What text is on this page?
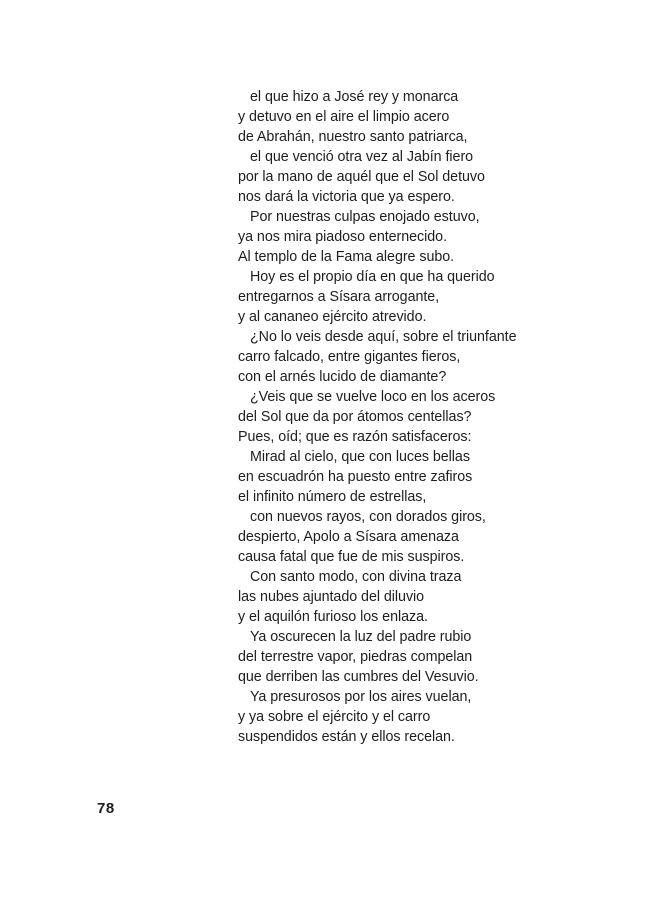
el que hizo a José rey y monarca
y detuvo en el aire el limpio acero
de Abrahán, nuestro santo patriarca,
el que venció otra vez al Jabín fiero
por la mano de aquél que el Sol detuvo
nos dará la victoria que ya espero.
Por nuestras culpas enojado estuvo,
ya nos mira piadoso enternecido.
Al templo de la Fama alegre subo.
Hoy es el propio día en que ha querido
entregarnos a Sísara arrogante,
y al cananeo ejército atrevido.
¿No lo veis desde aquí, sobre el triunfante
carro falcado, entre gigantes fieros,
con el arnés lucido de diamante?
¿Veis que se vuelve loco en los aceros
del Sol que da por átomos centellas?
Pues, oíd; que es razón satisfaceros:
Mirad al cielo, que con luces bellas
en escuadrón ha puesto entre zafiros
el infinito número de estrellas,
con nuevos rayos, con dorados giros,
despierto, Apolo a Sísara amenaza
causa fatal que fue de mis suspiros.
Con santo modo, con divina traza
las nubes ajuntado del diluvio
y el aquilón furioso los enlaza.
Ya oscurecen la luz del padre rubio
del terrestre vapor, piedras compelan
que derriben las cumbres del Vesuvio.
Ya presurosos por los aires vuelan,
y ya sobre el ejército y el carro
suspendidos están y ellos recelan.
78
